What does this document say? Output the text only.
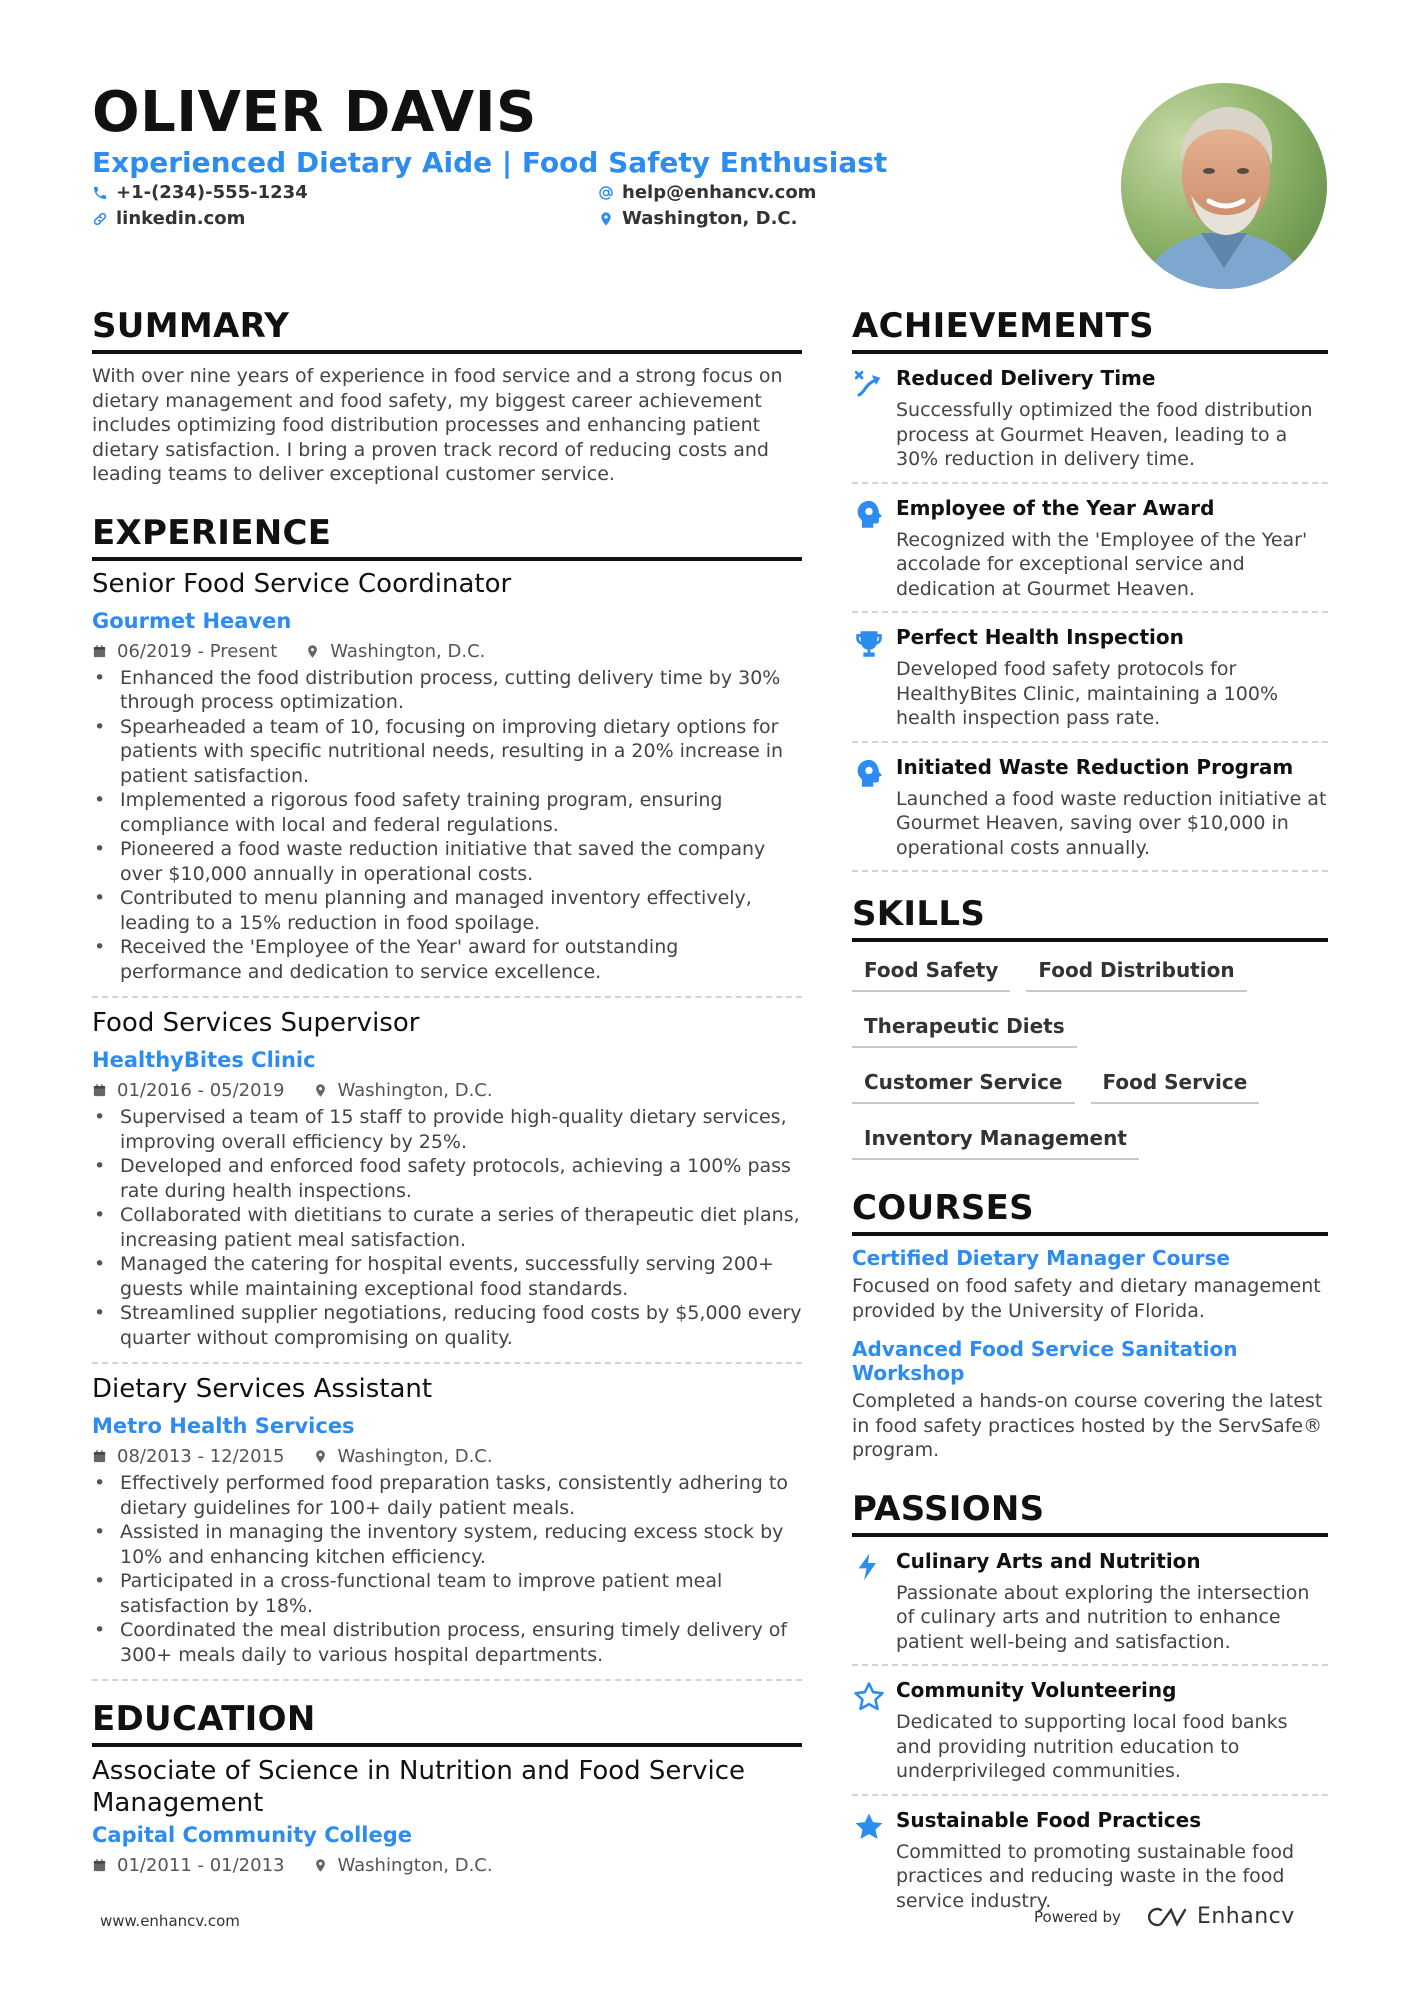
OLIVER DAVIS
Experienced Dietary Aide | Food Safety Enthusiast
+1-(234)-555-1234
linkedin.com
help@enhancv.com
Washington, D.C.
SUMMARY
With over nine years of experience in food service and a strong focus on dietary management and food safety, my biggest career achievement includes optimizing food distribution processes and enhancing patient dietary satisfaction. I bring a proven track record of reducing costs and leading teams to deliver exceptional customer service.
EXPERIENCE
Senior Food Service Coordinator
Gourmet Heaven
06/2019 - Present	Washington, D.C.
• Enhanced the food distribution process, cutting delivery time by 30% through process optimization.
• Spearheaded a team of 10, focusing on improving dietary options for patients with specific nutritional needs, resulting in a 20% increase in patient satisfaction.
• Implemented a rigorous food safety training program, ensuring compliance with local and federal regulations.
• Pioneered a food waste reduction initiative that saved the company over $10,000 annually in operational costs.
• Contributed to menu planning and managed inventory effectively, leading to a 15% reduction in food spoilage.
• Received the 'Employee of the Year' award for outstanding performance and dedication to service excellence.
Food Services Supervisor
HealthyBites Clinic
01/2016 - 05/2019	Washington, D.C.
• Supervised a team of 15 staff to provide high-quality dietary services, improving overall efficiency by 25%.
• Developed and enforced food safety protocols, achieving a 100% pass rate during health inspections.
• Collaborated with dietitians to curate a series of therapeutic diet plans, increasing patient meal satisfaction.
• Managed the catering for hospital events, successfully serving 200+ guests while maintaining exceptional food standards.
• Streamlined supplier negotiations, reducing food costs by $5,000 every quarter without compromising on quality.
Dietary Services Assistant
Metro Health Services
08/2013 - 12/2015	Washington, D.C.
• Effectively performed food preparation tasks, consistently adhering to dietary guidelines for 100+ daily patient meals.
• Assisted in managing the inventory system, reducing excess stock by 10% and enhancing kitchen efficiency.
• Participated in a cross-functional team to improve patient meal satisfaction by 18%.
• Coordinated the meal distribution process, ensuring timely delivery of 300+ meals daily to various hospital departments.
EDUCATION
Associate of Science in Nutrition and Food Service Management
Capital Community College
01/2011 - 01/2013	Washington, D.C.
ACHIEVEMENTS
Reduced Delivery Time
Successfully optimized the food distribution process at Gourmet Heaven, leading to a 30% reduction in delivery time.
Employee of the Year Award
Recognized with the 'Employee of the Year' accolade for exceptional service and dedication at Gourmet Heaven.
Perfect Health Inspection
Developed food safety protocols for HealthyBites Clinic, maintaining a 100% health inspection pass rate.
Initiated Waste Reduction Program
Launched a food waste reduction initiative at Gourmet Heaven, saving over $10,000 in operational costs annually.
SKILLS
Food Safety	Food Distribution
Therapeutic Diets
Customer Service	Food Service
Inventory Management
COURSES
Certified Dietary Manager Course
Focused on food safety and dietary management provided by the University of Florida.
Advanced Food Service Sanitation Workshop
Completed a hands-on course covering the latest in food safety practices hosted by the ServSafe® program.
PASSIONS
Culinary Arts and Nutrition
Passionate about exploring the intersection of culinary arts and nutrition to enhance patient well-being and satisfaction.
Community Volunteering
Dedicated to supporting local food banks and providing nutrition education to underprivileged communities.
Sustainable Food Practices
Committed to promoting sustainable food practices and reducing waste in the food service industry.
www.enhancv.com	Powered by	Enhancv
